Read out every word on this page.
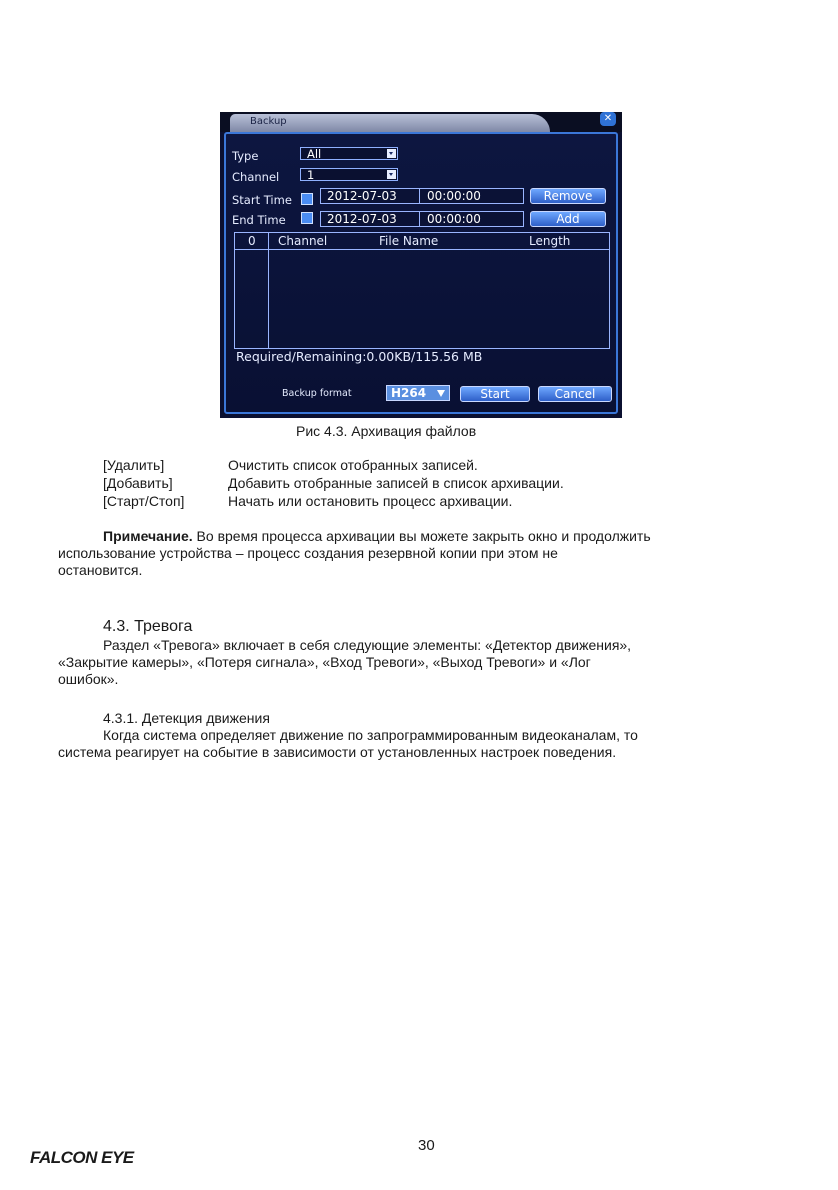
Backup	✕
Type	All
Channel	1
Start Time	2012-07-03	00:00:00	Remove
End Time	2012-07-03	00:00:00	Add
0 Channel	File Name	Length
Required/Remaining:0.00KB/115.56 MB
Backup format	H264	Start	Cancel
Рис 4.3. Архивация файлов
[Удалить]	Очистить список отобранных записей.
[Добавить]	Добавить отобранные записей в список архивации.
[Старт/Стоп]	Начать или остановить процесс архивации.
Примечание. Во время процесса архивации вы можете закрыть окно и продолжить
использование устройства – процесс создания резервной копии при этом не
остановится.
4.3. Тревога
Раздел «Тревога» включает в себя следующие элементы: «Детектор движения»,
«Закрытие камеры», «Потеря сигнала», «Вход Тревоги», «Выход Тревоги» и «Лог
ошибок».
4.3.1. Детекция движения
Когда система определяет движение по запрограммированным видеоканалам, то
система реагирует на событие в зависимости от установленных настроек поведения.
30
FALCON EYE
